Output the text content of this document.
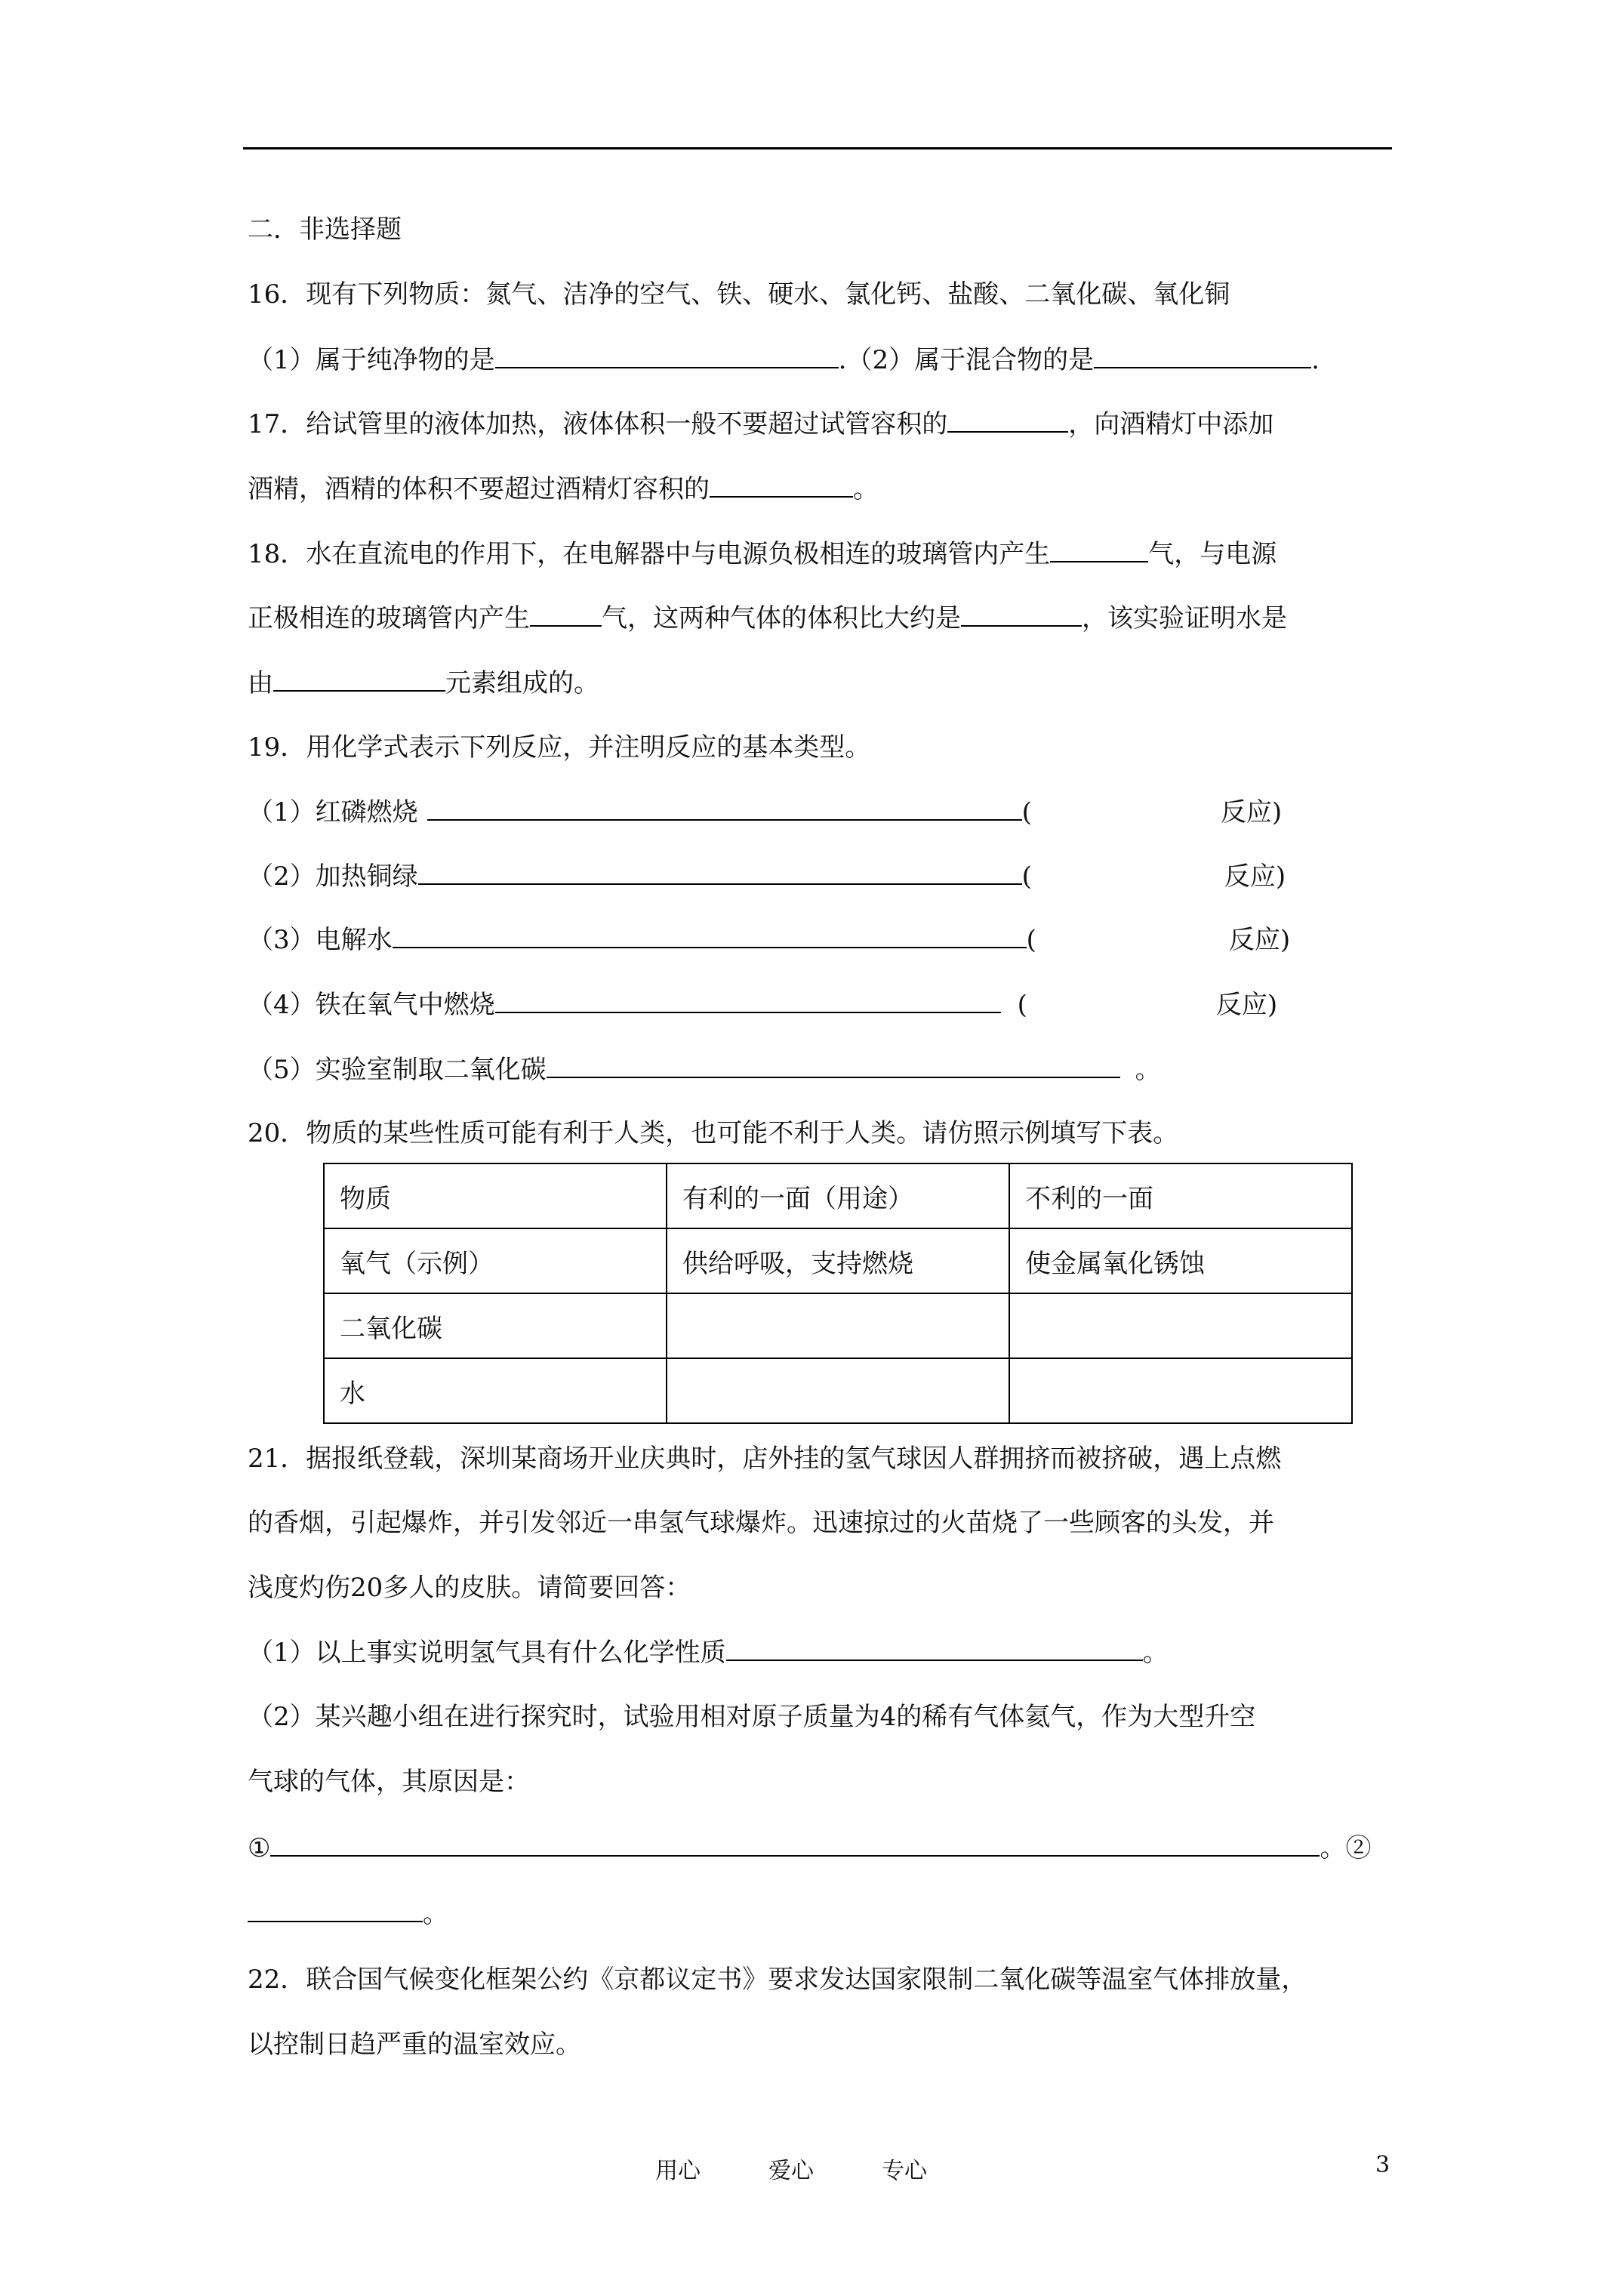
二．非选择题
16．现有下列物质：氮气、洁净的空气、铁、硬水、氯化钙、盐酸、二氧化碳、氧化铜
（1）属于纯净物的是	.（2）属于混合物的是	.
17．给试管里的液体加热，液体体积一般不要超过试管容积的	，向酒精灯中添加
酒精，酒精的体积不要超过酒精灯容积的	。
18．水在直流电的作用下，在电解器中与电源负极相连的玻璃管内产生	气，与电源
正极相连的玻璃管内产生	气，这两种气体的体积比大约是	，该实验证明水是
由	元素组成的。
19．用化学式表示下列反应，并注明反应的基本类型。
（1）红磷燃烧	(	反应)
（2）加热铜绿	(	反应)
（3）电解水	(	反应)
（4）铁在氧气中燃烧	(	反应)
（5）实验室制取二氧化碳	。
20．物质的某些性质可能有利于人类，也可能不利于人类。请仿照示例填写下表。
物质	有利的一面（用途）	不利的一面
氧气（示例）	供给呼吸，支持燃烧	使金属氧化锈蚀
二氧化碳		
水		
21．据报纸登载，深圳某商场开业庆典时，店外挂的氢气球因人群拥挤而被挤破，遇上点燃
的香烟，引起爆炸，并引发邻近一串氢气球爆炸。迅速掠过的火苗烧了一些顾客的头发，并
浅度灼伤20多人的皮肤。请简要回答：
（1）以上事实说明氢气具有什么化学性质	。
（2）某兴趣小组在进行探究时，试验用相对原子质量为4的稀有气体氦气，作为大型升空
气球的气体，其原因是：
①	。②
。
22．联合国气候变化框架公约《京都议定书》要求发达国家限制二氧化碳等温室气体排放量，
以控制日趋严重的温室效应。
用心	爱心	专心	3
